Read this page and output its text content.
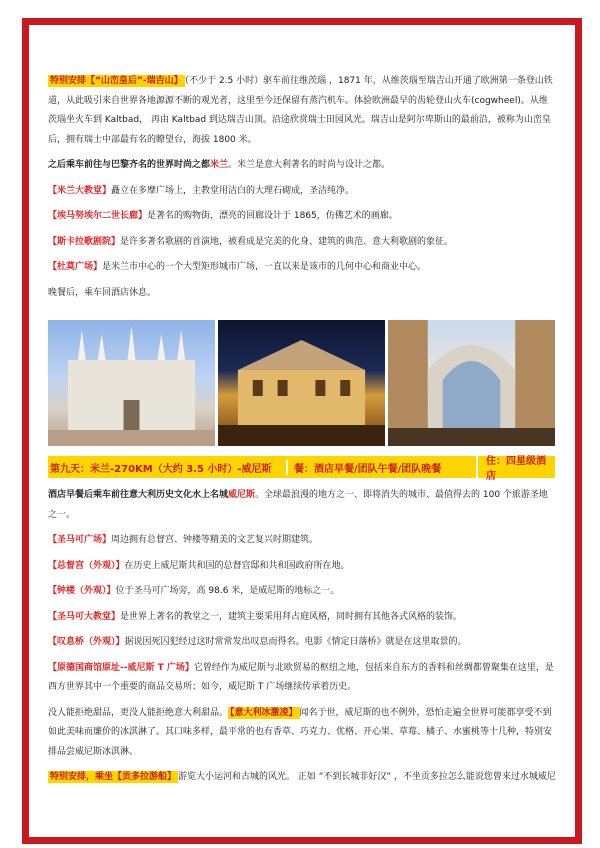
特别安排【“山峦皇后”-瑞吉山】 （不少于 2.5 小时）驱车前往维茨瑙 ，1871 年，从维茨瑙至瑞吉山开通了欧洲第一条登山铁道，从此吸引来自世界各地源源不断的观光者，这里至今还保留有蒸汽机车。体验欧洲最早的齿轮登山火车(cogwheel)。从维茨瑙坐火车到 Kaltbad， 再由 Kaltbad 到达瑞吉山顶。沿途欣赏瑞士田园风光。瑞吉山是阿尔卑斯山的最前沿，被称为山峦皇后，拥有瑞士中部最有名的瞭望台，海拔 1800 米。

之后乘车前往与巴黎齐名的世界时尚之都米兰。米兰是意大利著名的时尚与设计之都。

【米兰大教堂】矗立在多摩广场上，主教堂用洁白的大理石砌成，圣洁纯净。

【埃马努埃尔二世长廊】是著名的购物街，漂亮的回廊设计于 1865，仿佛艺术的画廊。

【斯卡拉歌剧院】是许多著名歌剧的首演地，被看成是完美的化身、建筑的典范、意大利歌剧的象征。

【杜莫广场】是米兰市中心的一个大型矩形城市广场，一直以来是该市的几何中心和商业中心。

晚餐后，乘车回酒店休息。

第九天：米兰-270KM（大约 3.5 小时）-威尼斯	餐：酒店早餐/团队午餐/团队晚餐
住：四星级酒店

酒店早餐后乘车前往意大利历史文化水上名城威尼斯。全球最浪漫的地方之一、即将消失的城市、最值得去的 100 个旅游圣地之一。

【圣马可广场】周边拥有总督宫、钟楼等精美的文艺复兴时期建筑。

【总督宫（外观）】在历史上威尼斯共和国的总督官邸和共和国政府所在地。

【钟楼（外观）】位于圣马可广场旁，高 98.6 米，是威尼斯的地标之一。

【圣马可大教堂】是世界上著名的教堂之一，建筑主要采用拜占庭风格，同时拥有其他各式风格的装饰。

【叹息桥（外观）】据说因死囚犯经过这时常常发出叹息而得名。电影《情定日落桥》就是在这里取景的。

【原德国商馆原址--威尼斯 T 广场】它曾经作为威尼斯与北欧贸易的枢纽之地，包括来自东方的香料和丝绸都曾聚集在这里，是西方世界其中一个重要的商品交易所；如今，威尼斯 T 广场继续传承着历史。

没人能拒绝甜品，更没人能拒绝意大利甜品。 【意大利冰激凌】 闻名于世，威尼斯的也不例外，恐怕走遍全世界可能都享受不到如此美味而廉价的冰淇淋了。其口味多样，最平常的也有香草、巧克力、优格、开心果、草莓、橘子、水蜜桃等十几种，特别安排品尝威尼斯冰淇淋。

特别安排，乘坐【贡多拉游船】 游览大小运河和古城的风光。 正如 “不到长城非好汉” ，不坐贡多拉怎么能说您曾来过水城威尼
